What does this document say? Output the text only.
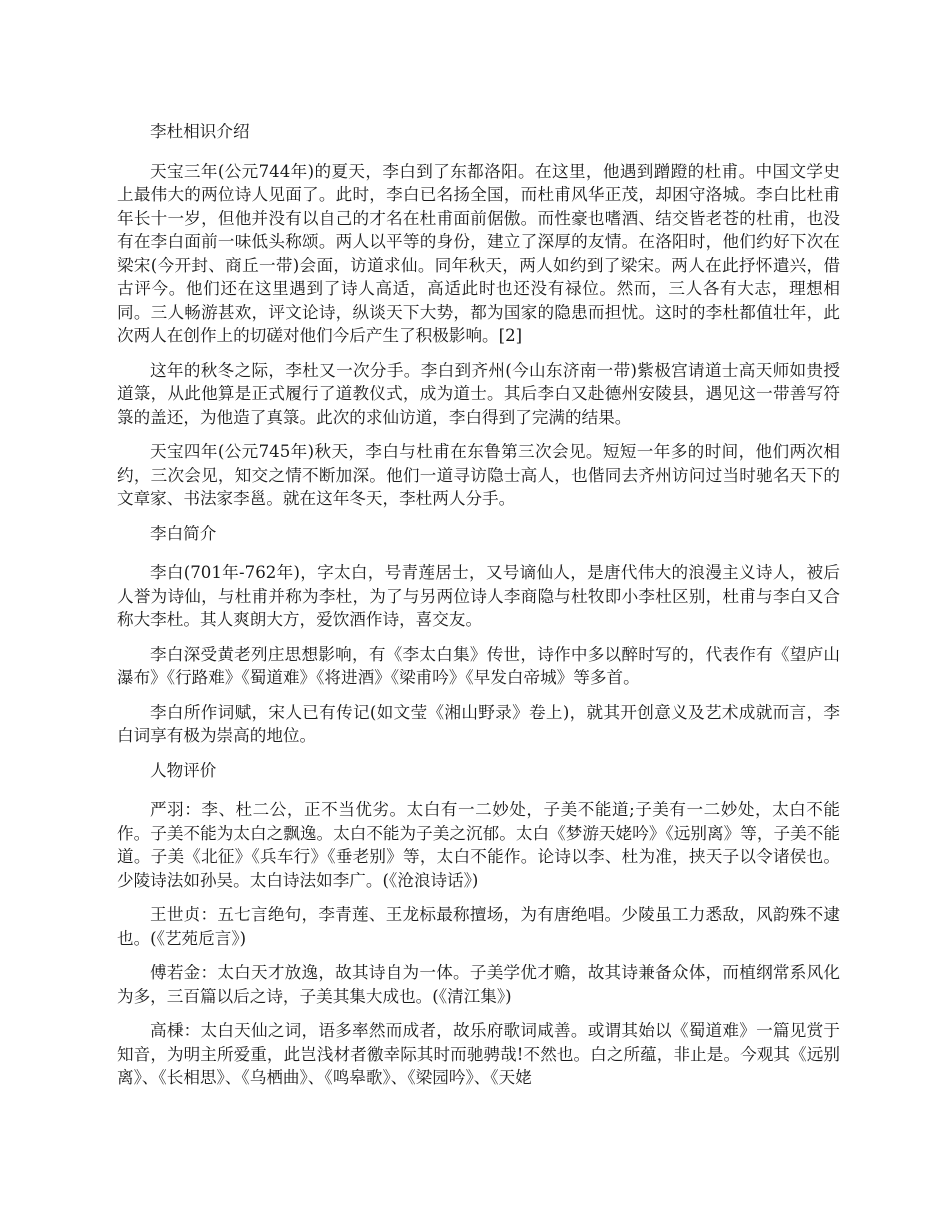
李杜相识介绍

天宝三年(公元744年)的夏天，李白到了东都洛阳。在这里，他遇到蹭蹬的杜甫。中国文学史上最伟大的两位诗人见面了。此时，李白已名扬全国，而杜甫风华正茂，却困守洛城。李白比杜甫年长十一岁，但他并没有以自己的才名在杜甫面前倨傲。而性豪也嗜酒、结交皆老苍的杜甫，也没有在李白面前一味低头称颂。两人以平等的身份，建立了深厚的友情。在洛阳时，他们约好下次在梁宋(今开封、商丘一带)会面，访道求仙。同年秋天，两人如约到了梁宋。两人在此抒怀遣兴，借古评今。他们还在这里遇到了诗人高适，高适此时也还没有禄位。然而，三人各有大志，理想相同。三人畅游甚欢，评文论诗，纵谈天下大势，都为国家的隐患而担忧。这时的李杜都值壮年，此次两人在创作上的切磋对他们今后产生了积极影响。[2]

这年的秋冬之际，李杜又一次分手。李白到齐州(今山东济南一带)紫极宫请道士高天师如贵授道箓，从此他算是正式履行了道教仪式，成为道士。其后李白又赴德州安陵县，遇见这一带善写符箓的盖还，为他造了真箓。此次的求仙访道，李白得到了完满的结果。

天宝四年(公元745年)秋天，李白与杜甫在东鲁第三次会见。短短一年多的时间，他们两次相约，三次会见，知交之情不断加深。他们一道寻访隐士高人，也偕同去齐州访问过当时驰名天下的文章家、书法家李邕。就在这年冬天，李杜两人分手。

李白简介

李白(701年-762年)，字太白，号青莲居士，又号谪仙人，是唐代伟大的浪漫主义诗人，被后人誉为诗仙，与杜甫并称为李杜，为了与另两位诗人李商隐与杜牧即小李杜区别，杜甫与李白又合称大李杜。其人爽朗大方，爱饮酒作诗，喜交友。

李白深受黄老列庄思想影响，有《李太白集》传世，诗作中多以醉时写的，代表作有《望庐山瀑布》《行路难》《蜀道难》《将进酒》《梁甫吟》《早发白帝城》等多首。

李白所作词赋，宋人已有传记(如文莹《湘山野录》卷上)，就其开创意义及艺术成就而言，李白词享有极为崇高的地位。

人物评价

严羽：李、杜二公，正不当优劣。太白有一二妙处，子美不能道;子美有一二妙处，太白不能作。子美不能为太白之飘逸。太白不能为子美之沉郁。太白《梦游天姥吟》《远别离》等，子美不能道。子美《北征》《兵车行》《垂老别》等，太白不能作。论诗以李、杜为准，挟天子以令诸侯也。少陵诗法如孙吴。太白诗法如李广。(《沧浪诗话》)

王世贞：五七言绝句，李青莲、王龙标最称擅场，为有唐绝唱。少陵虽工力悉敌，风韵殊不逮也。(《艺苑卮言》)

傅若金：太白天才放逸，故其诗自为一体。子美学优才赡，故其诗兼备众体，而植纲常系风化为多，三百篇以后之诗，子美其集大成也。(《清江集》)

高棅：太白天仙之词，语多率然而成者，故乐府歌词咸善。或谓其始以《蜀道难》一篇见赏于知音，为明主所爱重，此岂浅材者徼幸际其时而驰骋哉!不然也。白之所蕴，非止是。今观其《远别离》、《长相思》、《乌栖曲》、《鸣皋歌》、《梁园吟》、《天姥
